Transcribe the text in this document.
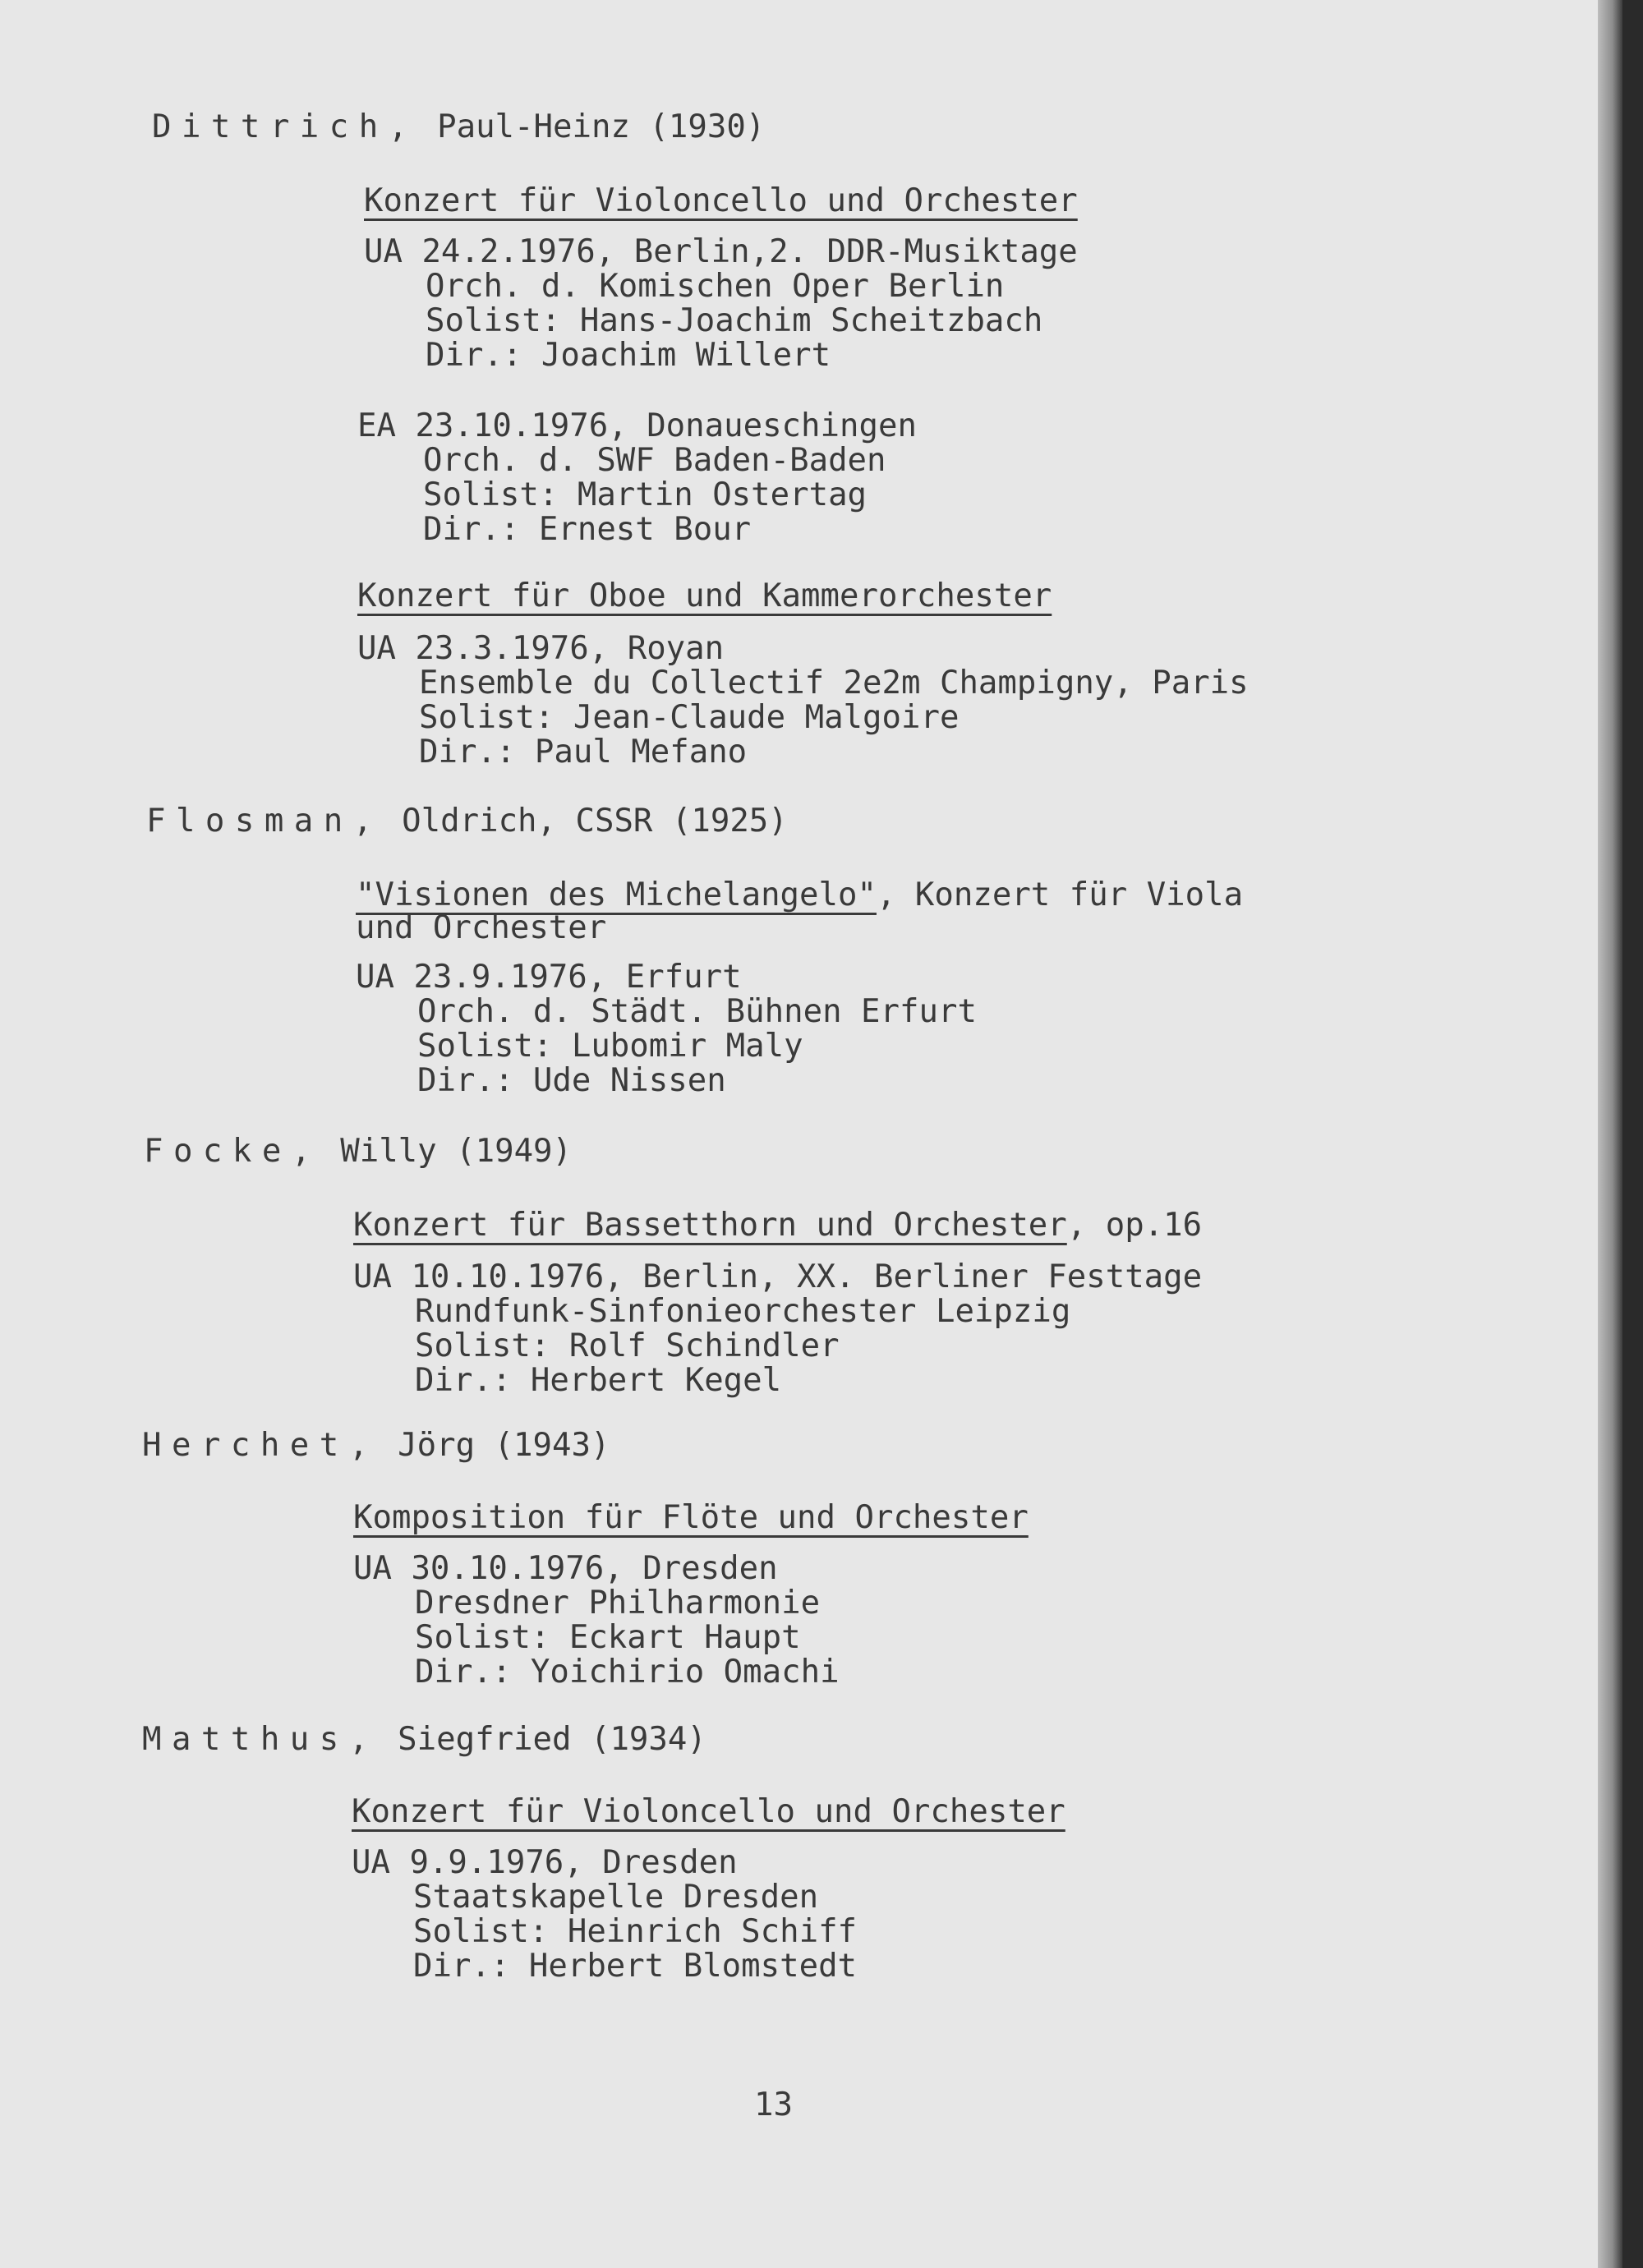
Dittrich, Paul-Heinz (1930)
Konzert für Violoncello und Orchester
UA 24.2.1976, Berlin,2. DDR-Musiktage
Orch. d. Komischen Oper Berlin
Solist: Hans-Joachim Scheitzbach
Dir.: Joachim Willert
EA 23.10.1976, Donaueschingen
Orch. d. SWF Baden-Baden
Solist: Martin Ostertag
Dir.: Ernest Bour
Konzert für Oboe und Kammerorchester
UA 23.3.1976, Royan
Ensemble du Collectif 2e2m Champigny, Paris
Solist: Jean-Claude Malgoire
Dir.: Paul Mefano
Flosman, Oldrich, CSSR (1925)
"Visionen des Michelangelo", Konzert für Viola
und Orchester
UA 23.9.1976, Erfurt
Orch. d. Städt. Bühnen Erfurt
Solist: Lubomir Maly
Dir.: Ude Nissen
Focke, Willy (1949)
Konzert für Bassetthorn und Orchester, op.16
UA 10.10.1976, Berlin, XX. Berliner Festtage
Rundfunk-Sinfonieorchester Leipzig
Solist: Rolf Schindler
Dir.: Herbert Kegel
Herchet, Jörg (1943)
Komposition für Flöte und Orchester
UA 30.10.1976, Dresden
Dresdner Philharmonie
Solist: Eckart Haupt
Dir.: Yoichirio Omachi
Matthus, Siegfried (1934)
Konzert für Violoncello und Orchester
UA 9.9.1976, Dresden
Staatskapelle Dresden
Solist: Heinrich Schiff
Dir.: Herbert Blomstedt
13
